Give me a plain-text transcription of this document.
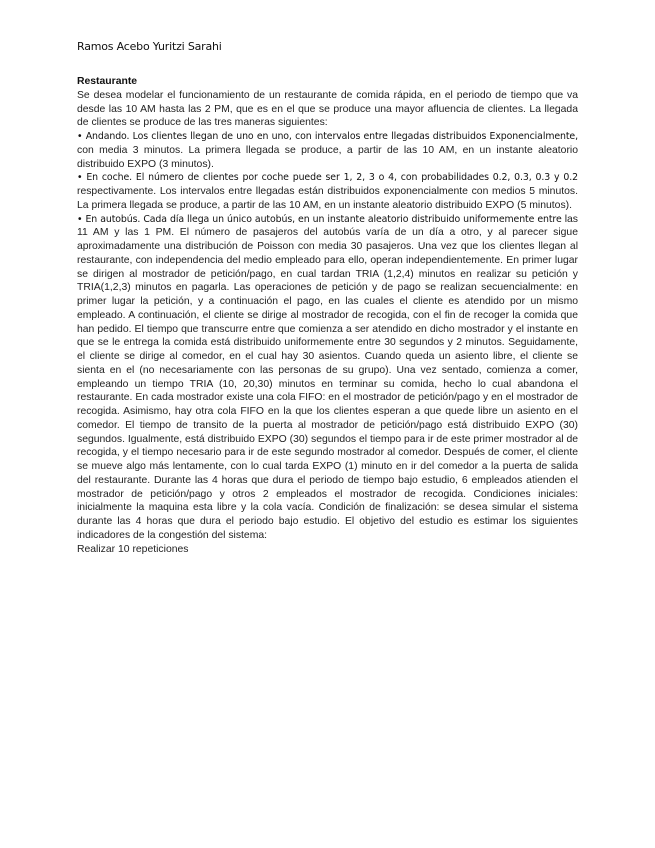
Ramos Acebo Yuritzi Sarahi

Restaurante

Se desea modelar el funcionamiento de un restaurante de comida rápida, en el periodo de tiempo que va desde las 10 AM hasta las 2 PM, que es en el que se produce una mayor afluencia de clientes. La llegada de clientes se produce de las tres maneras siguientes:

• Andando. Los clientes llegan de uno en uno, con intervalos entre llegadas distribuidos Exponencialmente, con media 3 minutos. La primera llegada se produce, a partir de las 10 AM, en un instante aleatorio distribuido EXPO (3 minutos).

• En coche. El número de clientes por coche puede ser 1, 2, 3 o 4, con probabilidades 0.2, 0.3, 0.3 y 0.2 respectivamente. Los intervalos entre llegadas están distribuidos exponencialmente con medios 5 minutos. La primera llegada se produce, a partir de las 10 AM, en un instante aleatorio distribuido EXPO (5 minutos).

• En autobús. Cada día llega un único autobús, en un instante aleatorio distribuido uniformemente entre las 11 AM y las 1 PM. El número de pasajeros del autobús varía de un día a otro, y al parecer sigue aproximadamente una distribución de Poisson con media 30 pasajeros. Una vez que los clientes llegan al restaurante, con independencia del medio empleado para ello, operan independientemente. En primer lugar se dirigen al mostrador de petición/pago, en cual tardan TRIA (1,2,4) minutos en realizar su petición y TRIA(1,2,3) minutos en pagarla. Las operaciones de petición y de pago se realizan secuencialmente: en primer lugar la petición, y a continuación el pago, en las cuales el cliente es atendido por un mismo empleado. A continuación, el cliente se dirige al mostrador de recogida, con el fin de recoger la comida que han pedido. El tiempo que transcurre entre que comienza a ser atendido en dicho mostrador y el instante en que se le entrega la comida está distribuido uniformemente entre 30 segundos y 2 minutos. Seguidamente, el cliente se dirige al comedor, en el cual hay 30 asientos. Cuando queda un asiento libre, el cliente se sienta en el (no necesariamente con las personas de su grupo). Una vez sentado, comienza a comer, empleando un tiempo TRIA (10, 20,30) minutos en terminar su comida, hecho lo cual abandona el restaurante. En cada mostrador existe una cola FIFO: en el mostrador de petición/pago y en el mostrador de recogida. Asimismo, hay otra cola FIFO en la que los clientes esperan a que quede libre un asiento en el comedor. El tiempo de transito de la puerta al mostrador de petición/pago está distribuido EXPO (30) segundos. Igualmente, está distribuido EXPO (30) segundos el tiempo para ir de este primer mostrador al de recogida, y el tiempo necesario para ir de este segundo mostrador al comedor. Después de comer, el cliente se mueve algo más lentamente, con lo cual tarda EXPO (1) minuto en ir del comedor a la puerta de salida del restaurante. Durante las 4 horas que dura el periodo de tiempo bajo estudio, 6 empleados atienden el mostrador de petición/pago y otros 2 empleados el mostrador de recogida. Condiciones iniciales: inicialmente la maquina esta libre y la cola vacía. Condición de finalización: se desea simular el sistema durante las 4 horas que dura el periodo bajo estudio. El objetivo del estudio es estimar los siguientes indicadores de la congestión del sistema:

Realizar 10 repeticiones
